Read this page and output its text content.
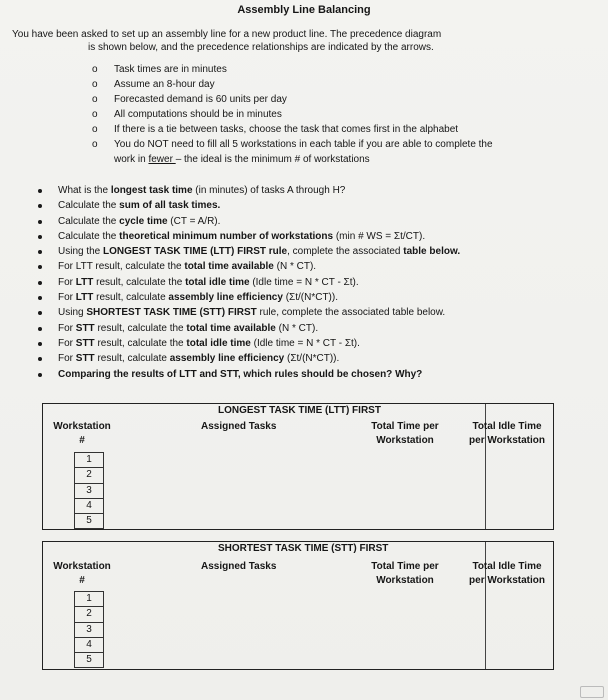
Assembly Line Balancing
You have been asked to set up an assembly line for a new product line. The precedence diagram
is shown below, and the precedence relationships are indicated by the arrows.
o Task times are in minutes
o Assume an 8-hour day
o Forecasted demand is 60 units per day
o All computations should be in minutes
o If there is a tie between tasks, choose the task that comes first in the alphabet
o You do NOT need to fill all 5 workstations in each table if you are able to complete the
work in fewer – the ideal is the minimum # of workstations
What is the longest task time (in minutes) of tasks A through H?
Calculate the sum of all task times.
Calculate the cycle time (CT = A/R).
Calculate the theoretical minimum number of workstations (min # WS = Σt/CT).
Using the LONGEST TASK TIME (LTT) FIRST rule, complete the associated table below.
For LTT result, calculate the total time available (N * CT).
For LTT result, calculate the total idle time (Idle time = N * CT - Σt).
For LTT result, calculate assembly line efficiency (Σt/(N*CT)).
Using SHORTEST TASK TIME (STT) FIRST rule, complete the associated table below.
For STT result, calculate the total time available (N * CT).
For STT result, calculate the total idle time (Idle time = N * CT - Σt).
For STT result, calculate assembly line efficiency (Σt/(N*CT)).
Comparing the results of LTT and STT, which rules should be chosen? Why?
LONGEST TASK TIME (LTT) FIRST
Workstation
#
Assigned Tasks	Total Time per
Workstation
Total Idle Time
per Workstation
1
2
3
4
5
SHORTEST TASK TIME (STT) FIRST
Workstation
#
Assigned Tasks	Total Time per
Workstation
Total Idle Time
per Workstation
1
2
3
4
5
